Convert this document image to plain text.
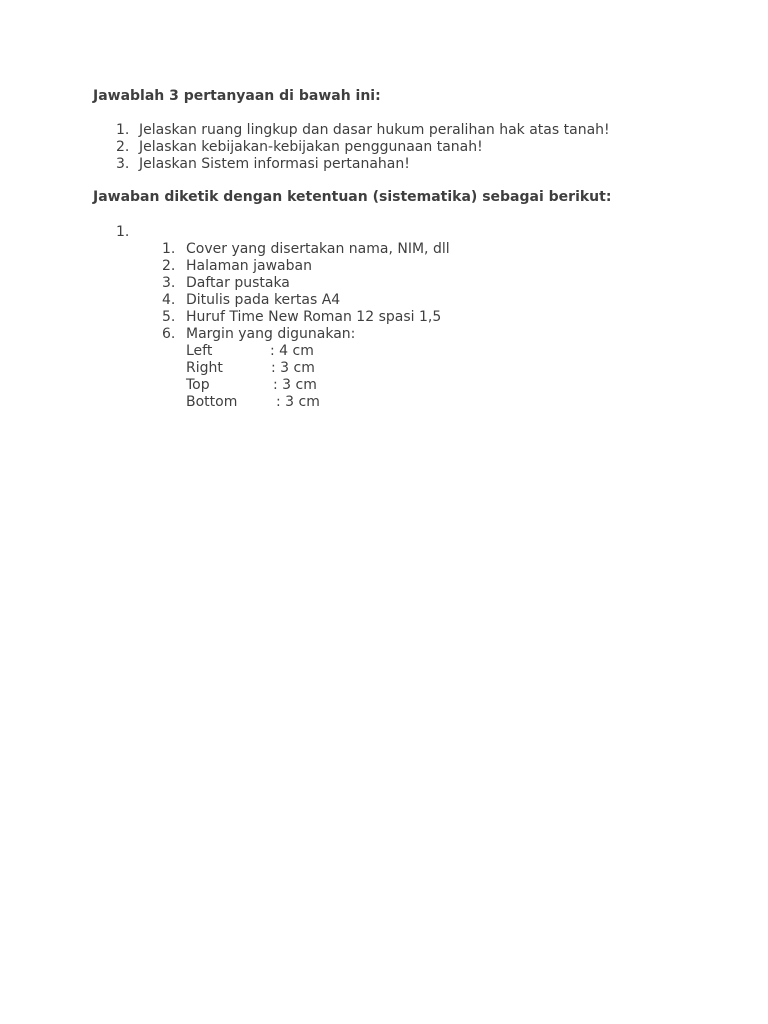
Jawablah 3 pertanyaan di bawah ini:
1. Jelaskan ruang lingkup dan dasar hukum peralihan hak atas tanah!
2. Jelaskan kebijakan-kebijakan penggunaan tanah!
3. Jelaskan Sistem informasi pertanahan!
Jawaban diketik dengan ketentuan (sistematika) sebagai berikut:
1.
1. Cover yang disertakan nama, NIM, dll
2. Halaman jawaban
3. Daftar pustaka
4. Ditulis pada kertas A4
5. Huruf Time New Roman 12 spasi 1,5
6. Margin yang digunakan:
Left	: 4 cm
Right	: 3 cm
Top	: 3 cm
Bottom	: 3 cm
